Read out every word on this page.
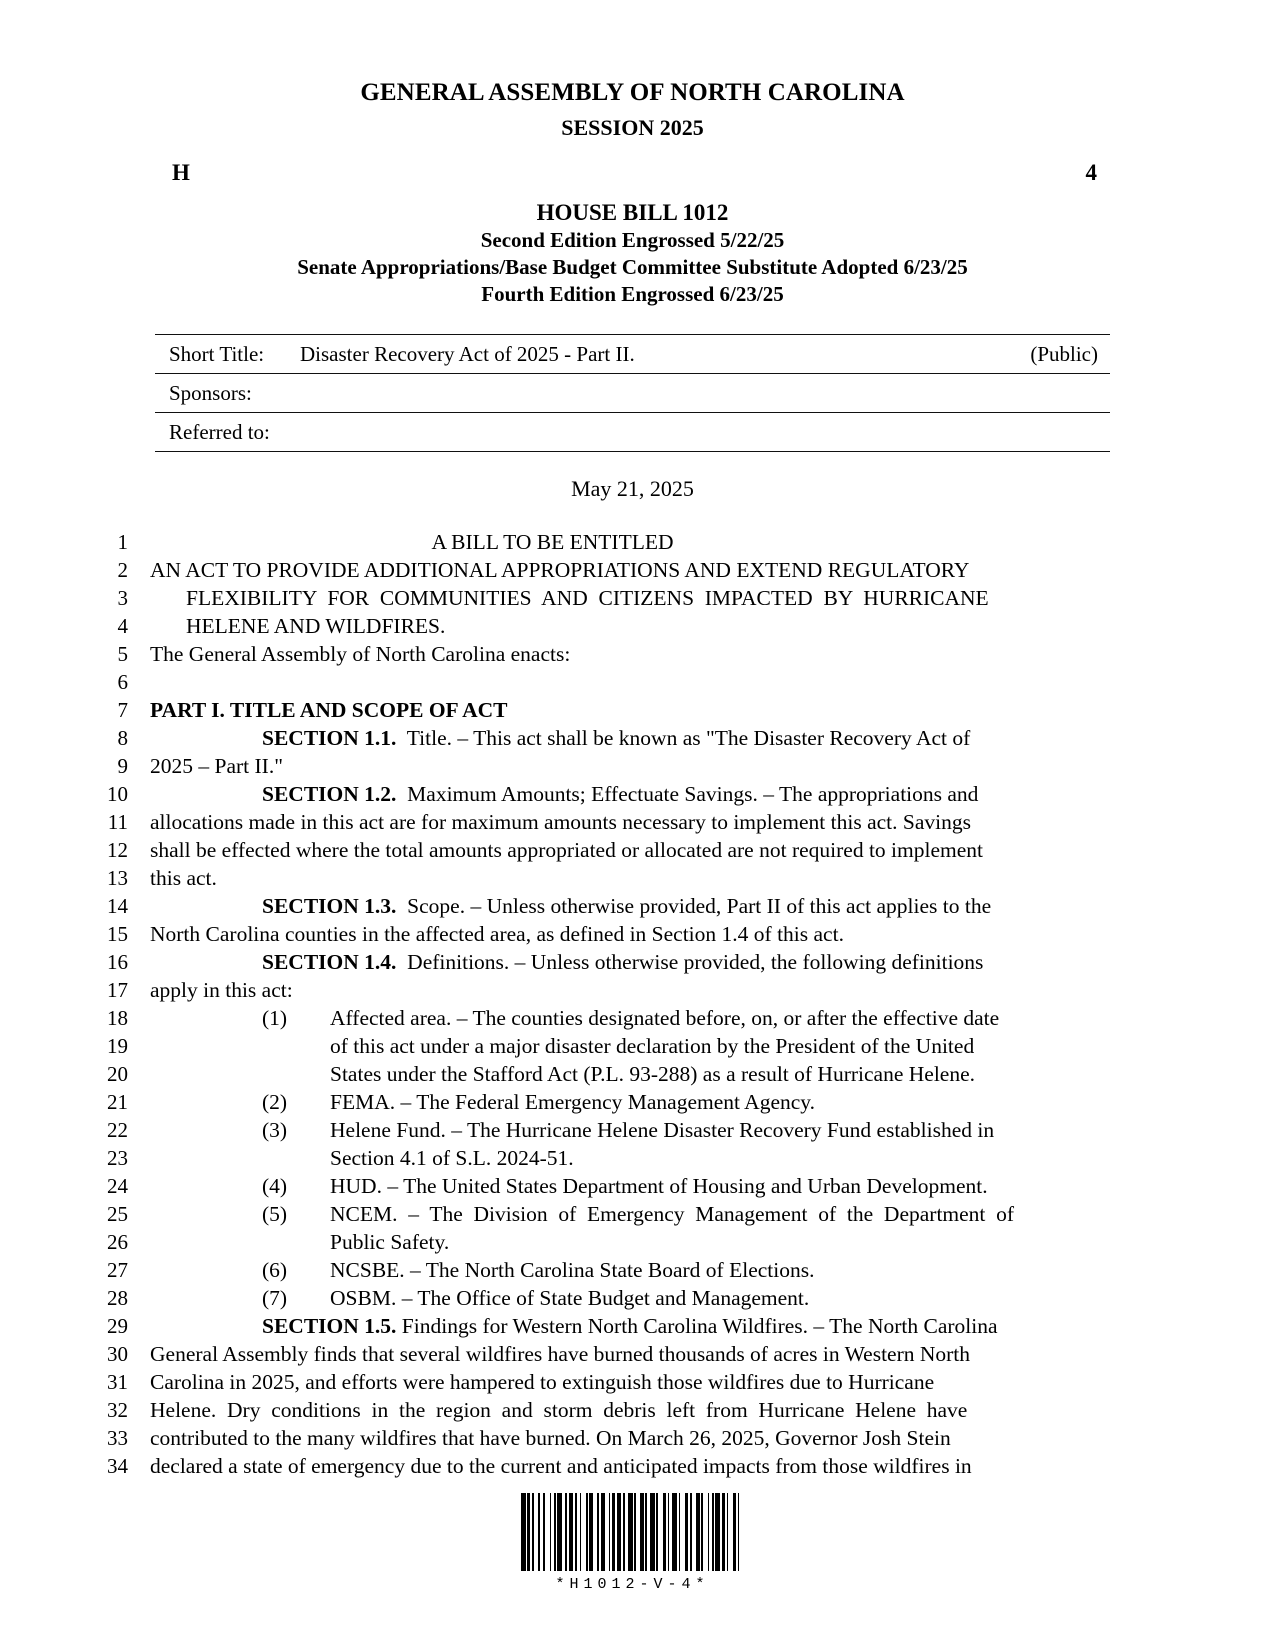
GENERAL ASSEMBLY OF NORTH CAROLINA
SESSION 2025
H	4
HOUSE BILL 1012
Second Edition Engrossed 5/22/25
Senate Appropriations/Base Budget Committee Substitute Adopted 6/23/25
Fourth Edition Engrossed 6/23/25
Short Title:	Disaster Recovery Act of 2025 - Part II.	(Public)
Sponsors:
Referred to:
May 21, 2025
1	A BILL TO BE ENTITLED
2	AN ACT TO PROVIDE ADDITIONAL APPROPRIATIONS AND EXTEND REGULATORY
3	FLEXIBILITY  FOR  COMMUNITIES  AND  CITIZENS  IMPACTED  BY  HURRICANE
4	HELENE AND WILDFIRES.
5	The General Assembly of North Carolina enacts:
6
7	PART I. TITLE AND SCOPE OF ACT
8	SECTION 1.1.  Title. – This act shall be known as "The Disaster Recovery Act of
9	2025 – Part II."
10	SECTION 1.2.  Maximum Amounts; Effectuate Savings. – The appropriations and
11	allocations made in this act are for maximum amounts necessary to implement this act. Savings
12	shall be effected where the total amounts appropriated or allocated are not required to implement
13	this act.
14	SECTION 1.3.  Scope. – Unless otherwise provided, Part II of this act applies to the
15	North Carolina counties in the affected area, as defined in Section 1.4 of this act.
16	SECTION 1.4.  Definitions. – Unless otherwise provided, the following definitions
17	apply in this act:
18	(1) Affected area. – The counties designated before, on, or after the effective date
19	of this act under a major disaster declaration by the President of the United
20	States under the Stafford Act (P.L. 93-288) as a result of Hurricane Helene.
21	(2) FEMA. – The Federal Emergency Management Agency.
22	(3) Helene Fund. – The Hurricane Helene Disaster Recovery Fund established in
23	Section 4.1 of S.L. 2024-51.
24	(4) HUD. – The United States Department of Housing and Urban Development.
25	(5) NCEM.  –  The  Division  of  Emergency  Management  of  the  Department  of
26	Public Safety.
27	(6) NCSBE. – The North Carolina State Board of Elections.
28	(7) OSBM. – The Office of State Budget and Management.
29	SECTION 1.5. Findings for Western North Carolina Wildfires. – The North Carolina
30	General Assembly finds that several wildfires have burned thousands of acres in Western North
31	Carolina in 2025, and efforts were hampered to extinguish those wildfires due to Hurricane
32	Helene.  Dry  conditions  in  the  region  and  storm  debris  left  from  Hurricane  Helene  have
33	contributed to the many wildfires that have burned. On March 26, 2025, Governor Josh Stein
34	declared a state of emergency due to the current and anticipated impacts from those wildfires in
*H1012-V-4*
